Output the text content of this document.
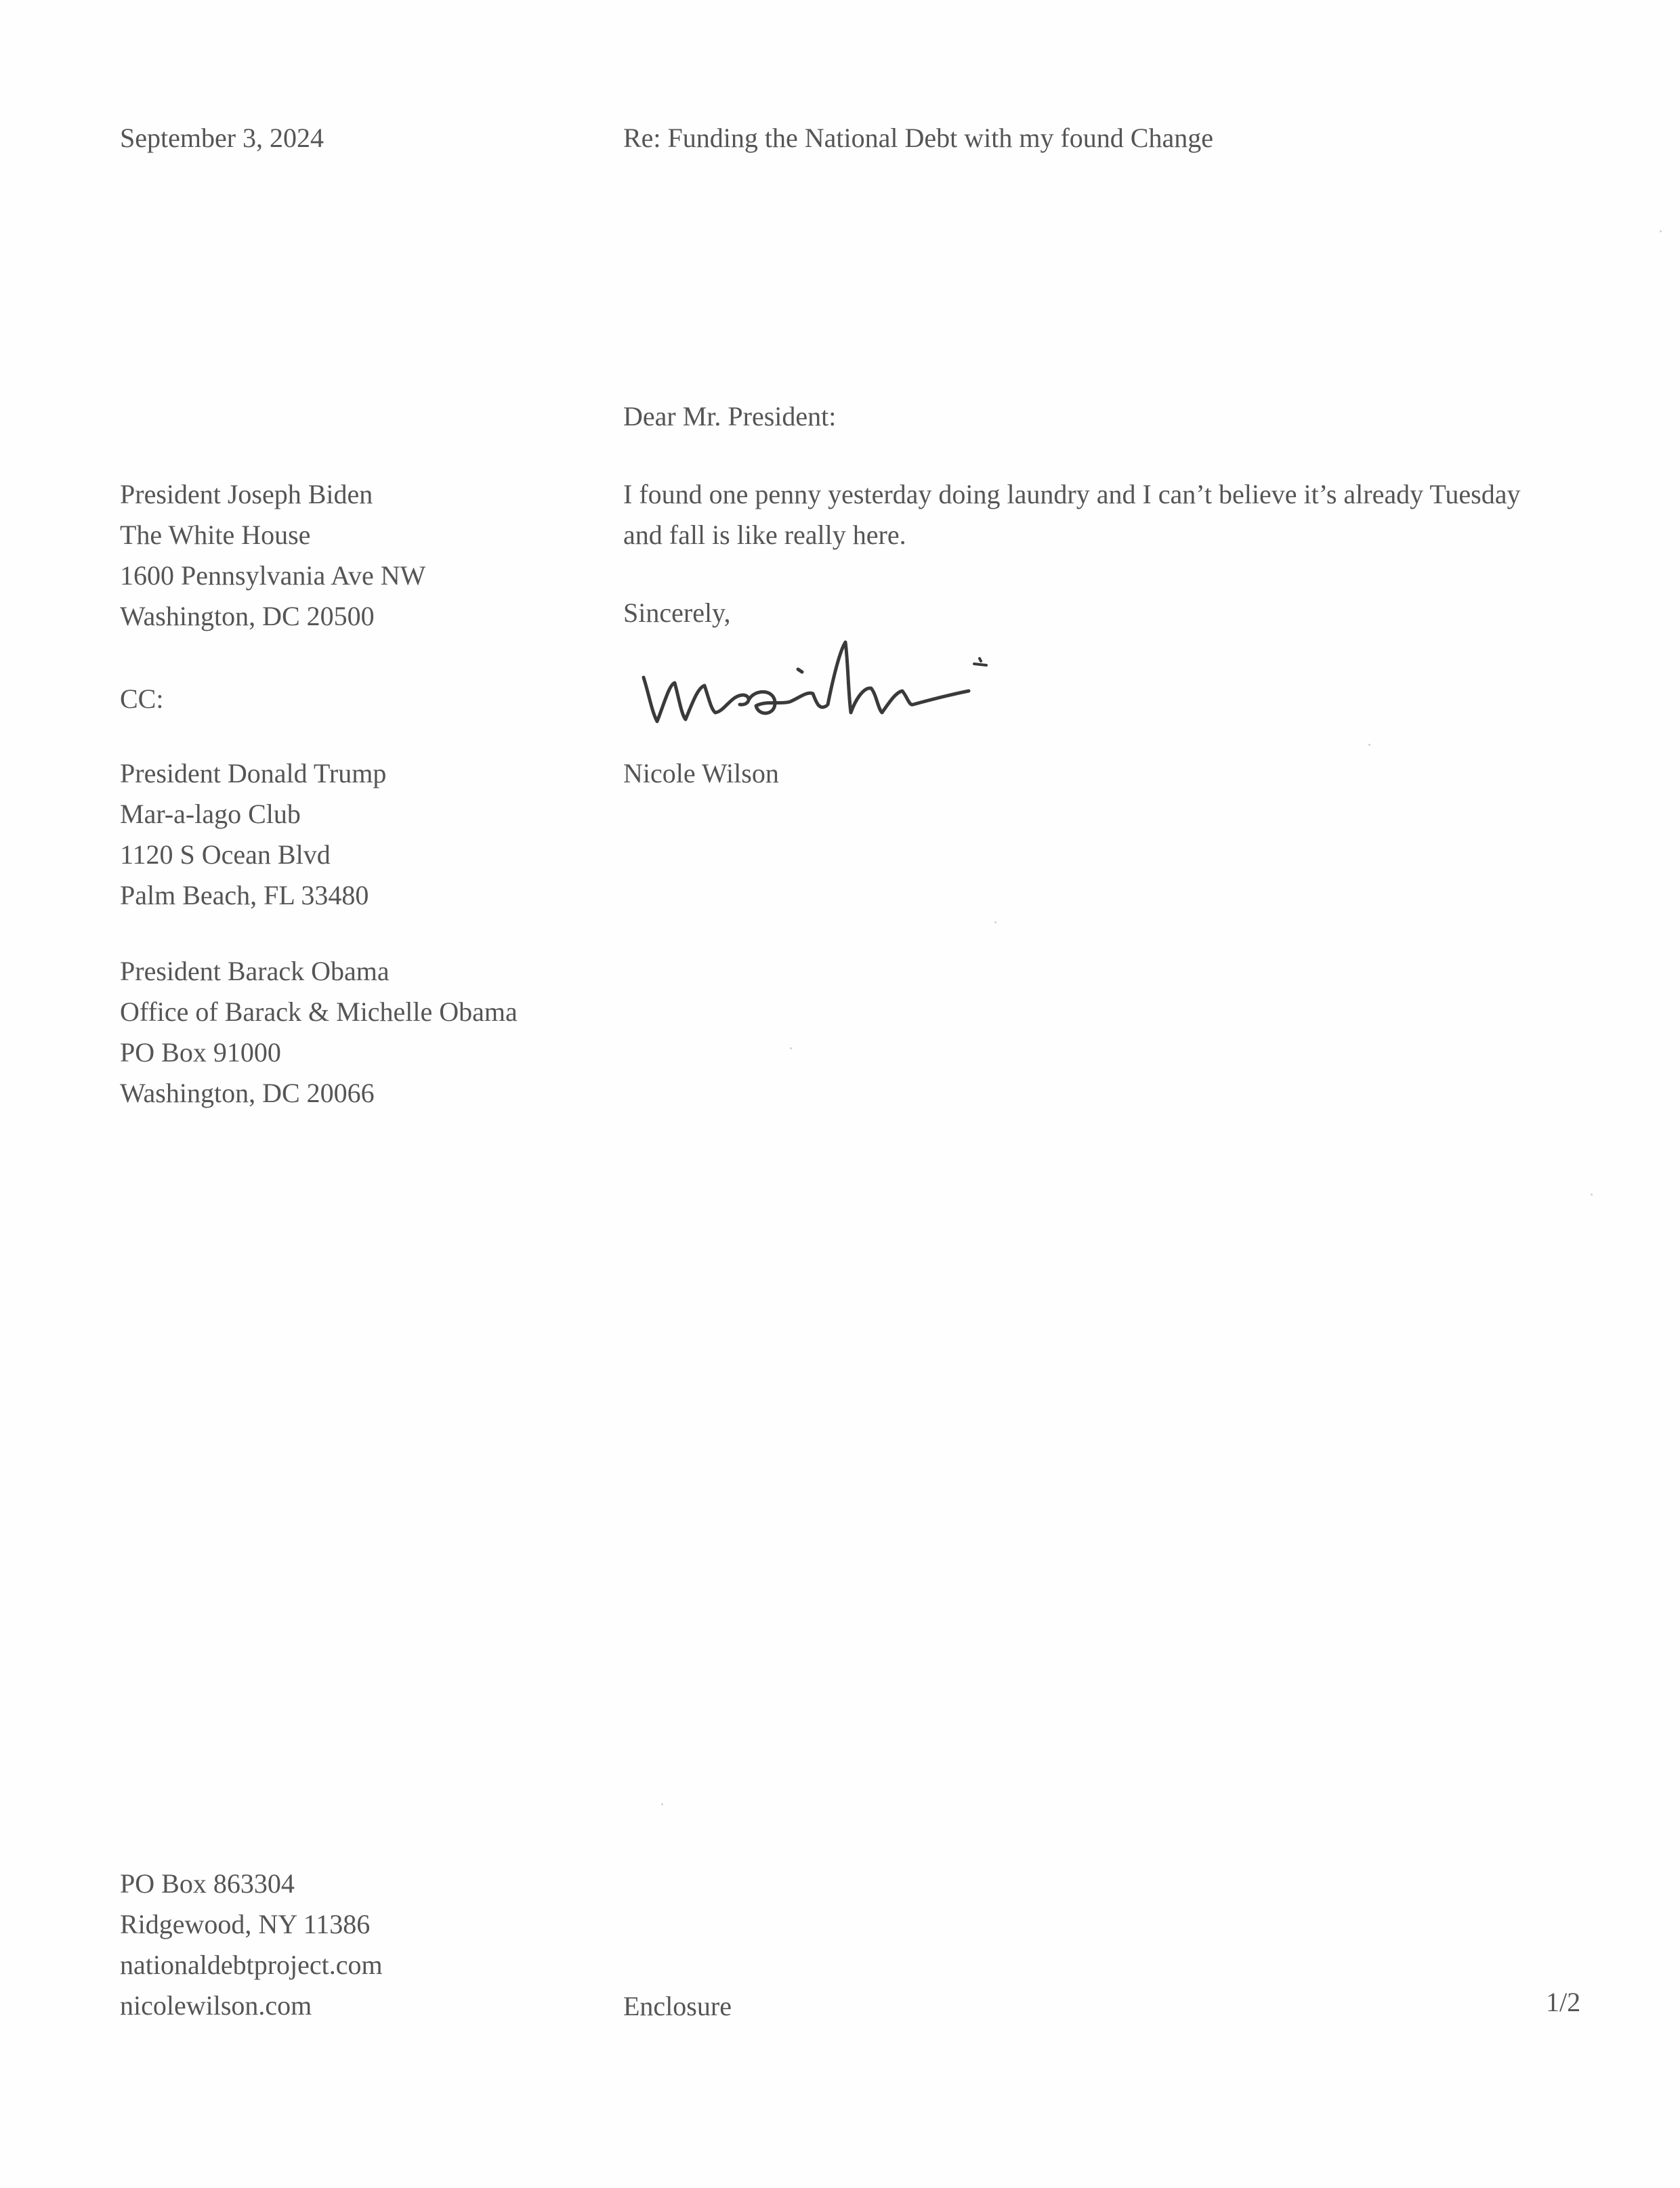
September 3, 2024	Re: Funding the National Debt with my found Change
Dear Mr. President:
President Joseph Biden
The White House
1600 Pennsylvania Ave NW
Washington, DC 20500
I found one penny yesterday doing laundry and I can’t believe it’s already Tuesday
and fall is like really here.
Sincerely,
Nicole Wilson
CC:
President Donald Trump
Mar-a-lago Club
1120 S Ocean Blvd
Palm Beach, FL 33480
President Barack Obama
Office of Barack & Michelle Obama
PO Box 91000
Washington, DC 20066
PO Box 863304
Ridgewood, NY 11386
nationaldebtproject.com
nicolewilson.com	Enclosure	1/2
